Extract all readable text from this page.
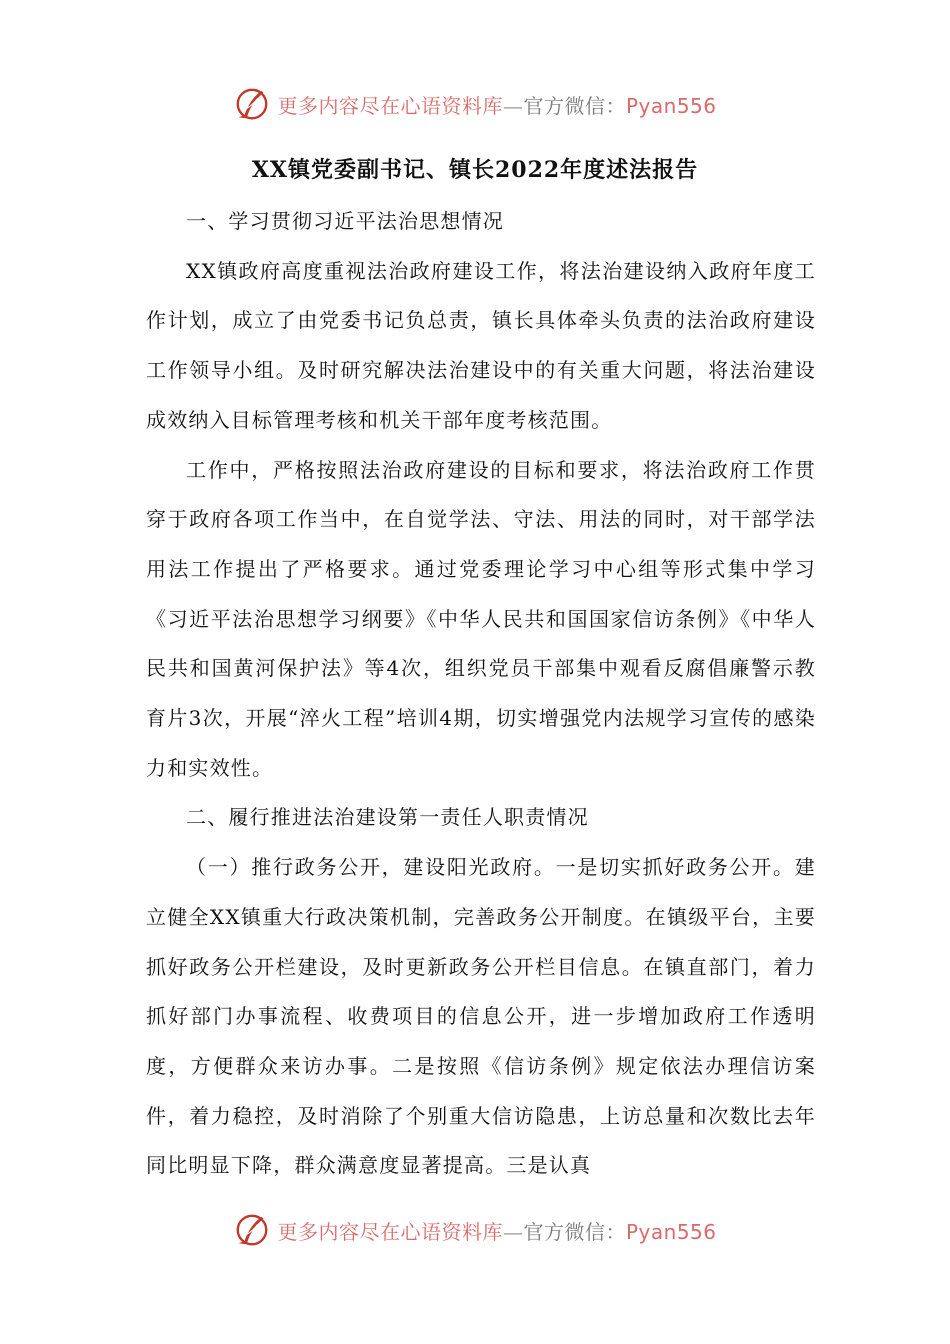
更多内容尽在心语资料库—官方微信：Pyan556
XX镇党委副书记、镇长2022年度述法报告

一、学习贯彻习近平法治思想情况

XX镇政府高度重视法治政府建设工作，将法治建设纳入政府年度工作计划，成立了由党委书记负总责，镇长具体牵头负责的法治政府建设工作领导小组。及时研究解决法治建设中的有关重大问题，将法治建设成效纳入目标管理考核和机关干部年度考核范围。

工作中，严格按照法治政府建设的目标和要求，将法治政府工作贯穿于政府各项工作当中，在自觉学法、守法、用法的同时，对干部学法用法工作提出了严格要求。通过党委理论学习中心组等形式集中学习《习近平法治思想学习纲要》《中华人民共和国国家信访条例》《中华人民共和国黄河保护法》等4次，组织党员干部集中观看反腐倡廉警示教育片3次，开展“淬火工程”培训4期，切实增强党内法规学习宣传的感染力和实效性。

二、履行推进法治建设第一责任人职责情况

（一）推行政务公开，建设阳光政府。一是切实抓好政务公开。建立健全XX镇重大行政决策机制，完善政务公开制度。在镇级平台，主要抓好政务公开栏建设，及时更新政务公开栏目信息。在镇直部门，着力抓好部门办事流程、收费项目的信息公开，进一步增加政府工作透明度，方便群众来访办事。二是按照《信访条例》规定依法办理信访案件，着力稳控，及时消除了个别重大信访隐患，上访总量和次数比去年同比明显下降，群众满意度显著提高。三是认真

更多内容尽在心语资料库—官方微信：Pyan556
